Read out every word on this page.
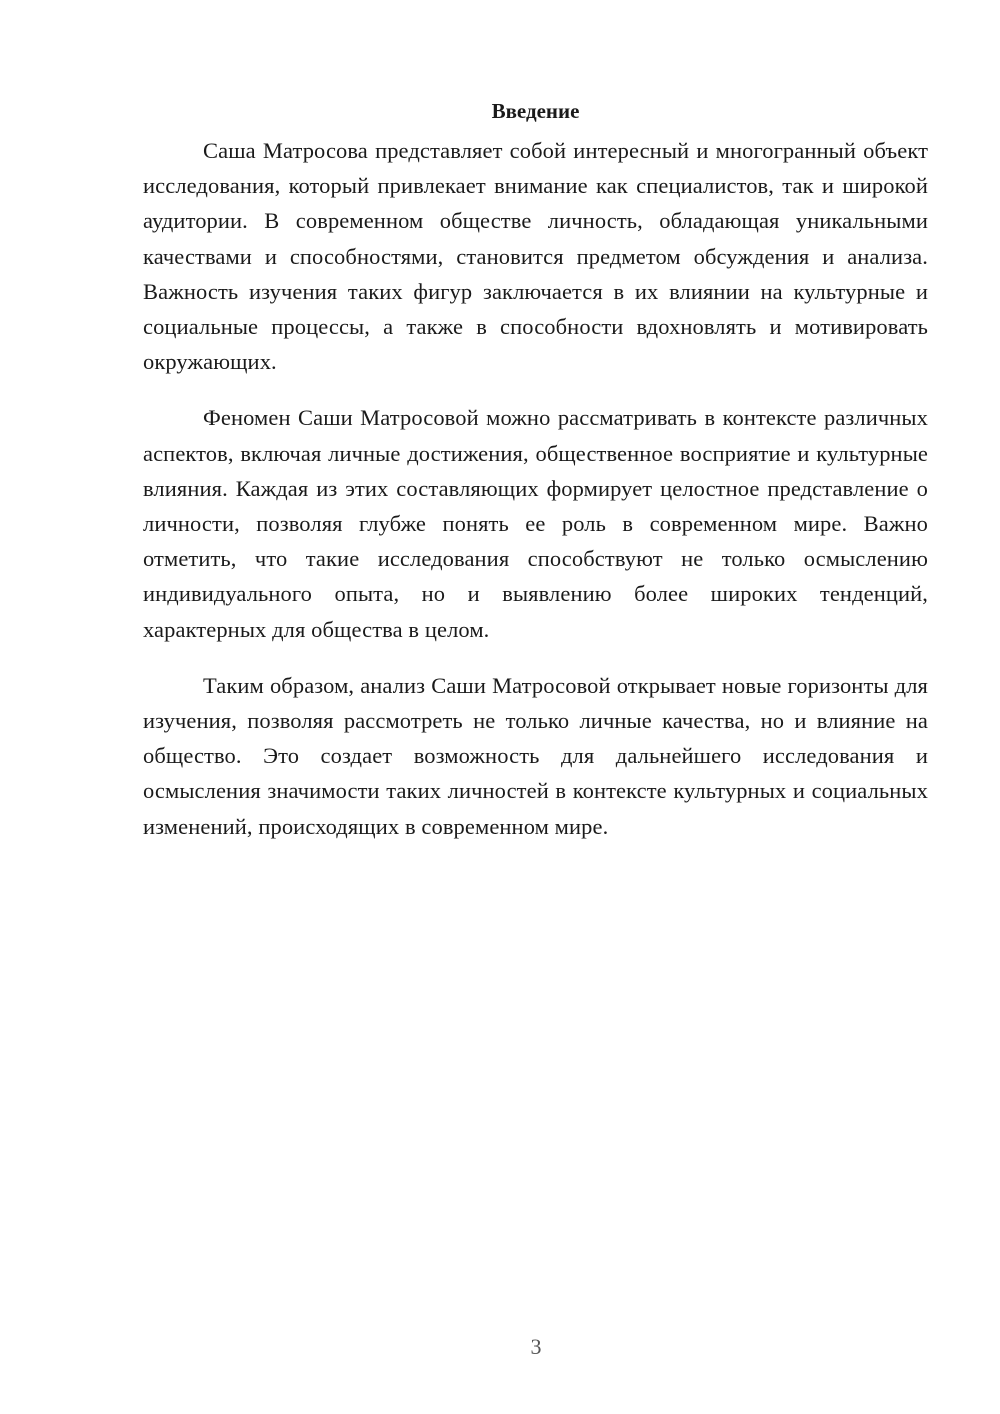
Введение

Саша Матросова представляет собой интересный и многогранный объект исследования, который привлекает внимание как специалистов, так и широкой аудитории. В современном обществе личность, обладающая уникальными качествами и способностями, становится предметом обсуждения и анализа. Важность изучения таких фигур заключается в их влиянии на культурные и социальные процессы, а также в способности вдохновлять и мотивировать окружающих.

Феномен Саши Матросовой можно рассматривать в контексте различных аспектов, включая личные достижения, общественное восприятие и культурные влияния. Каждая из этих составляющих формирует целостное представление о личности, позволяя глубже понять ее роль в современном мире. Важно отметить, что такие исследования способствуют не только осмыслению индивидуального опыта, но и выявлению более широких тенденций, характерных для общества в целом.

Таким образом, анализ Саши Матросовой открывает новые горизонты для изучения, позволяя рассмотреть не только личные качества, но и влияние на общество. Это создает возможность для дальнейшего исследования и осмысления значимости таких личностей в контексте культурных и социальных изменений, происходящих в современном мире.

3
